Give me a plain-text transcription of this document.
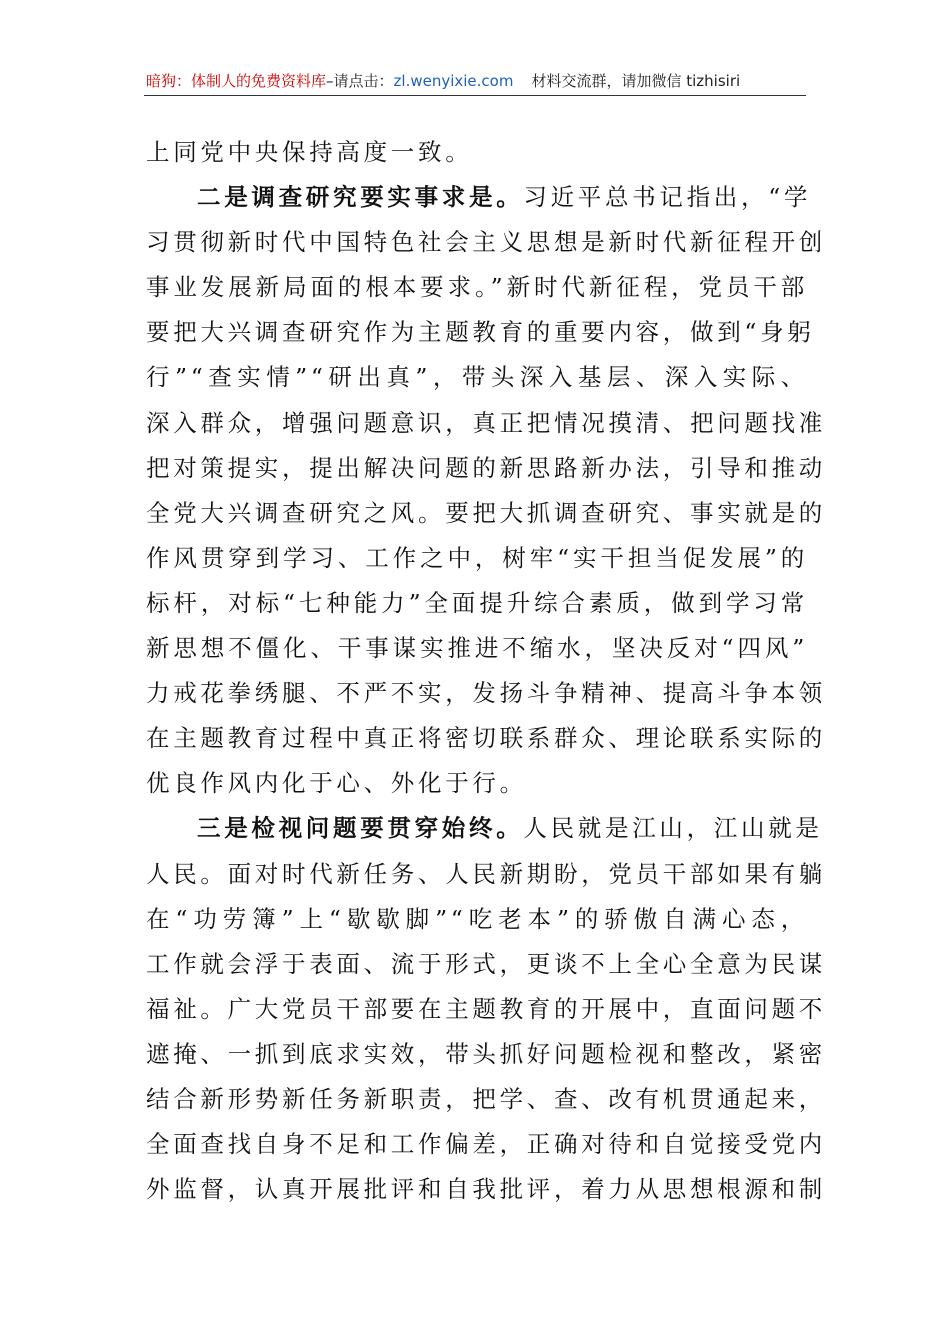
暗狗：体制人的免费资料库–请点击：zl.wenyixie.com 材料交流群，请加微信 tizhisiri
上同党中央保持高度一致。
二是调查研究要实事求是。习近平总书记指出，“学
习贯彻新时代中国特色社会主义思想是新时代新征程开创
事业发展新局面的根本要求。”新时代新征程，党员干部
要把大兴调查研究作为主题教育的重要内容，做到“身躬
行”“查实情”“研出真”，带头深入基层、深入实际、
深入群众，增强问题意识，真正把情况摸清、把问题找准
把对策提实，提出解决问题的新思路新办法，引导和推动
全党大兴调查研究之风。要把大抓调查研究、事实就是的
作风贯穿到学习、工作之中，树牢“实干担当促发展”的
标杆，对标“七种能力”全面提升综合素质，做到学习常
新思想不僵化、干事谋实推进不缩水，坚决反对“四风”
力戒花拳绣腿、不严不实，发扬斗争精神、提高斗争本领
在主题教育过程中真正将密切联系群众、理论联系实际的
优良作风内化于心、外化于行。
三是检视问题要贯穿始终。人民就是江山，江山就是
人民。面对时代新任务、人民新期盼，党员干部如果有躺
在“功劳簿”上“歇歇脚”“吃老本”的骄傲自满心态，
工作就会浮于表面、流于形式，更谈不上全心全意为民谋
福祉。广大党员干部要在主题教育的开展中，直面问题不
遮掩、一抓到底求实效，带头抓好问题检视和整改，紧密
结合新形势新任务新职责，把学、查、改有机贯通起来，
全面查找自身不足和工作偏差，正确对待和自觉接受党内
外监督，认真开展批评和自我批评，着力从思想根源和制
